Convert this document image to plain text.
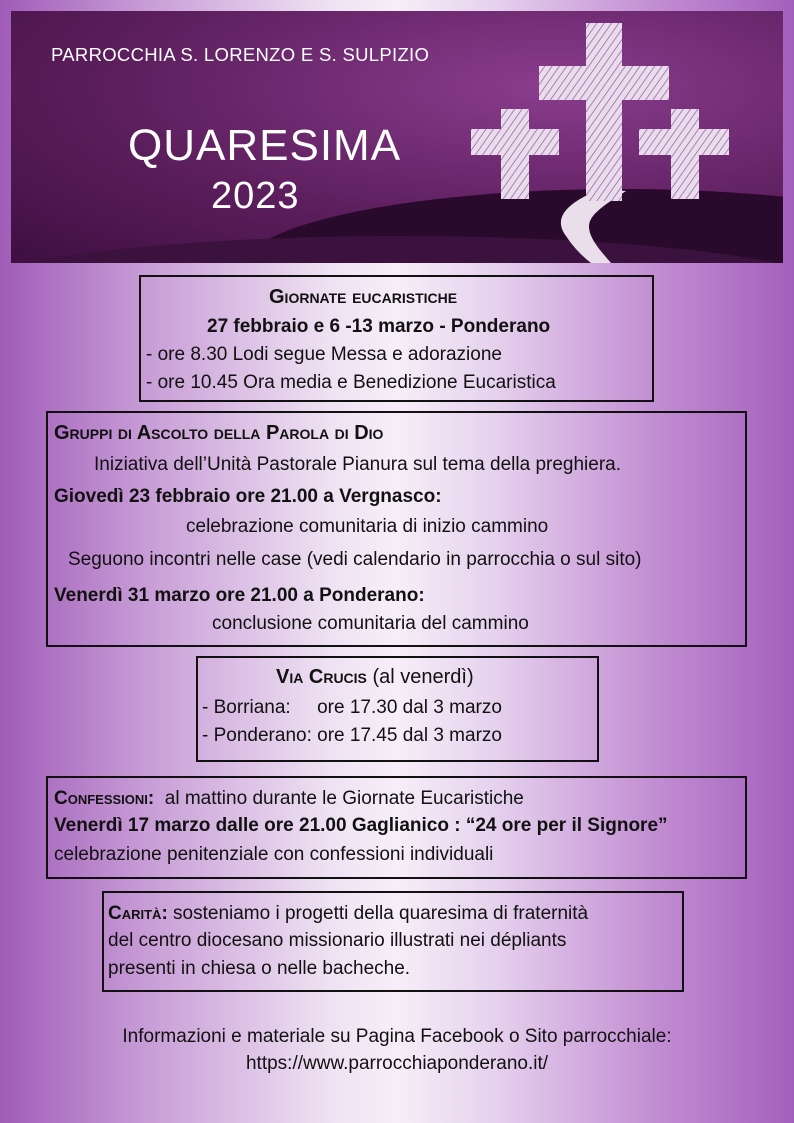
PARROCCHIA S. LORENZO E S. SULPIZIO
QUARESIMA
2023
Giornate eucaristiche
27 febbraio e 6 -13 marzo - Ponderano
- ore 8.30 Lodi segue Messa e adorazione
- ore 10.45 Ora media e Benedizione Eucaristica
Gruppi di Ascolto della Parola di Dio
Iniziativa dell’Unità Pastorale Pianura sul tema della preghiera.
Giovedì 23 febbraio ore 21.00 a Vergnasco:
celebrazione comunitaria di inizio cammino
Seguono incontri nelle case (vedi calendario in parrocchia o sul sito)
Venerdì 31 marzo ore 21.00 a Ponderano:
conclusione comunitaria del cammino
Via Crucis (al venerdì)
- Borriana:     ore 17.30 dal 3 marzo
- Ponderano: ore 17.45 dal 3 marzo
Confessioni:  al mattino durante le Giornate Eucaristiche
Venerdì 17 marzo dalle ore 21.00 Gaglianico : “24 ore per il Signore”
celebrazione penitenziale con confessioni individuali
Carità: sosteniamo i progetti della quaresima di fraternità
del centro diocesano missionario illustrati nei dépliants
presenti in chiesa o nelle bacheche.
Informazioni e materiale su Pagina Facebook o Sito parrocchiale:
https://www.parrocchiaponderano.it/
